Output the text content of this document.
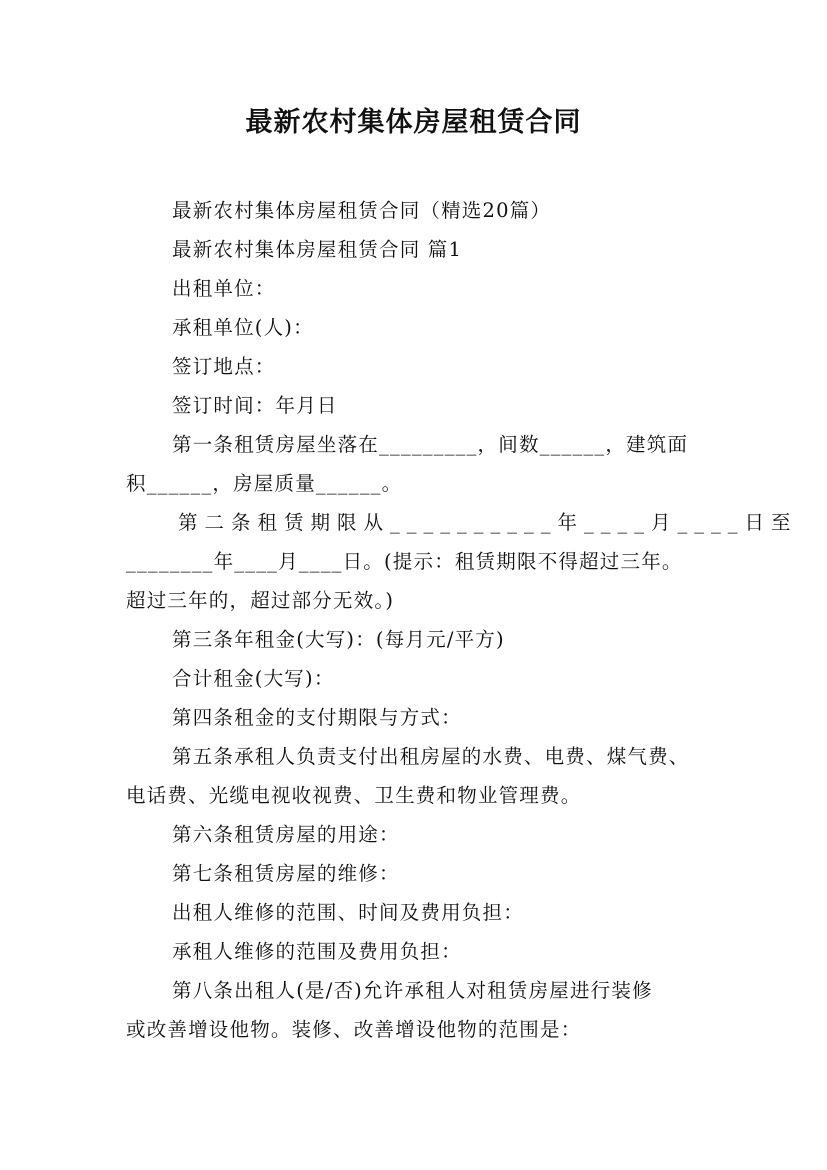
最新农村集体房屋租赁合同
最新农村集体房屋租赁合同（精选20篇）
最新农村集体房屋租赁合同 篇1
出租单位：
承租单位(人)：
签订地点：
签订时间：年月日
第一条租赁房屋坐落在_________，间数______，建筑面
积______，房屋质量______。
第二条租赁期限从__________年____月____日至
________年____月____日。(提示：租赁期限不得超过三年。
超过三年的，超过部分无效。)
第三条年租金(大写)：(每月元/平方)
合计租金(大写)：
第四条租金的支付期限与方式：
第五条承租人负责支付出租房屋的水费、电费、煤气费、
电话费、光缆电视收视费、卫生费和物业管理费。
第六条租赁房屋的用途：
第七条租赁房屋的维修：
出租人维修的范围、时间及费用负担：
承租人维修的范围及费用负担：
第八条出租人(是/否)允许承租人对租赁房屋进行装修
或改善增设他物。装修、改善增设他物的范围是：
